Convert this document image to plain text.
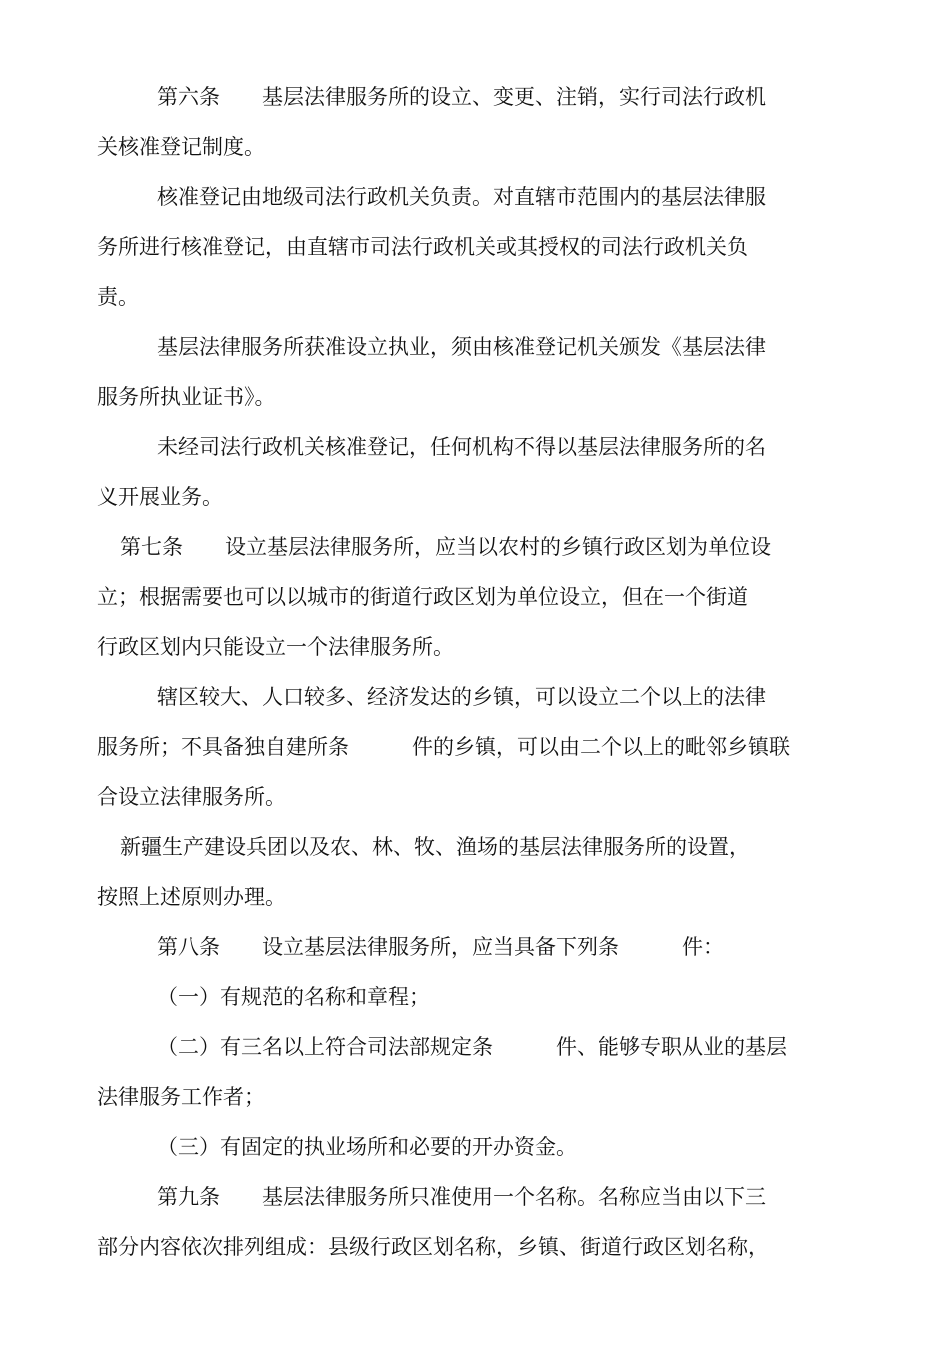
第六条　　基层法律服务所的设立、变更、注销，实行司法行政机
关核准登记制度。
核准登记由地级司法行政机关负责。对直辖市范围内的基层法律服
务所进行核准登记，由直辖市司法行政机关或其授权的司法行政机关负
责。
基层法律服务所获准设立执业，须由核准登记机关颁发《基层法律
服务所执业证书》。
未经司法行政机关核准登记，任何机构不得以基层法律服务所的名
义开展业务。
第七条　　设立基层法律服务所，应当以农村的乡镇行政区划为单位设
立；根据需要也可以以城市的街道行政区划为单位设立，但在一个街道
行政区划内只能设立一个法律服务所。
辖区较大、人口较多、经济发达的乡镇，可以设立二个以上的法律
服务所；不具备独自建所条　　　件的乡镇，可以由二个以上的毗邻乡镇联
合设立法律服务所。
新疆生产建设兵团以及农、林、牧、渔场的基层法律服务所的设置，
按照上述原则办理。
第八条　　设立基层法律服务所，应当具备下列条　　　件：
（一）有规范的名称和章程；
（二）有三名以上符合司法部规定条　　　件、能够专职从业的基层
法律服务工作者；
（三）有固定的执业场所和必要的开办资金。
第九条　　基层法律服务所只准使用一个名称。名称应当由以下三
部分内容依次排列组成：县级行政区划名称，乡镇、街道行政区划名称，
